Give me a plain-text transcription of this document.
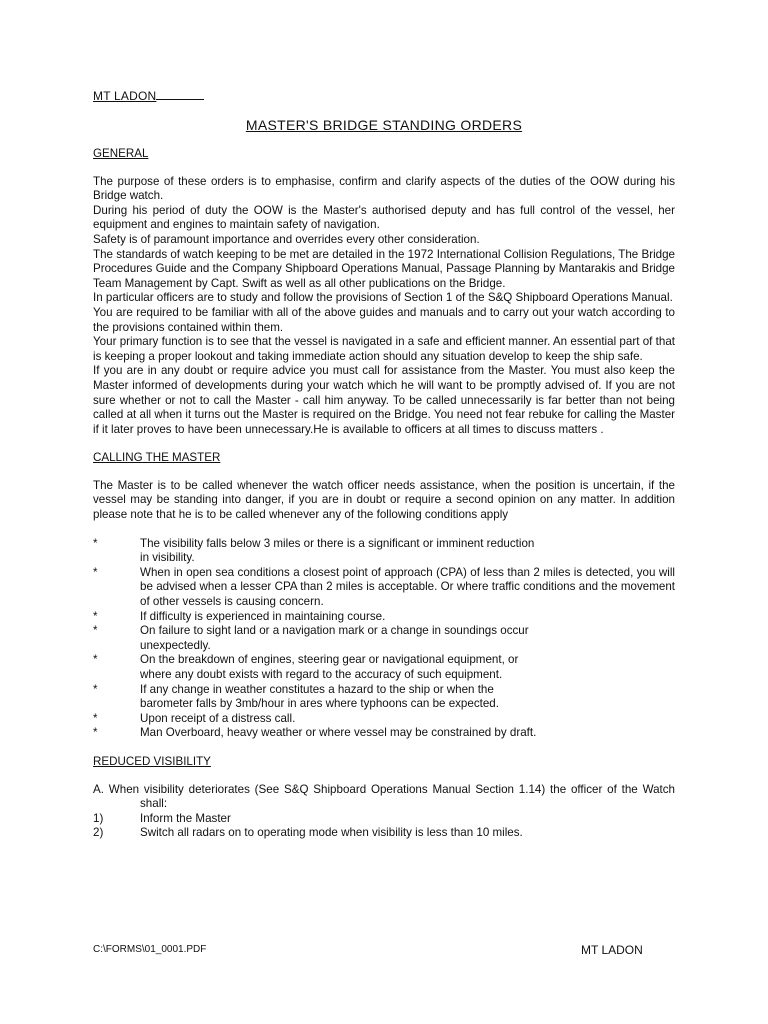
MT LADON
MASTER'S BRIDGE STANDING ORDERS
GENERAL

The purpose of these orders is to emphasise, confirm and clarify aspects of the duties of the OOW during his Bridge watch.

During his period of duty the OOW is the Master's authorised deputy and has full control of the vessel, her equipment and engines to maintain safety of navigation.

Safety is of paramount importance and overrides every other consideration.

The standards of watch keeping to be met are detailed in the 1972 International Collision Regulations, The Bridge Procedures Guide and the Company Shipboard Operations Manual, Passage Planning by Mantarakis and Bridge Team Management by Capt. Swift as well as all other publications on the Bridge.

In particular officers are to study and follow the provisions of Section 1 of the S&Q Shipboard Operations Manual.

You are required to be familiar with all of the above guides and manuals and to carry out your watch according to the provisions contained within them.

Your primary function is to see that the vessel is navigated in a safe and efficient manner. An essential part of that is keeping a proper lookout and taking immediate action should any situation develop to keep the ship safe.

If you are in any doubt or require advice you must call for assistance from the Master. You must also keep the Master informed of developments during your watch which he will want to be promptly advised of. If you are not sure whether or not to call the Master - call him anyway. To be called unnecessarily is far better than not being called at all when it turns out the Master is required on the Bridge. You need not fear rebuke for calling the Master if it later proves to have been unnecessary.He is available to officers at all times to discuss matters .

CALLING THE MASTER

The Master is to be called whenever the watch officer needs assistance, when the position is uncertain, if the vessel may be standing into danger, if you are in doubt or require a second opinion on any matter. In addition please note that he is to be called whenever any of the following conditions apply

*	The visibility falls below 3 miles or there is a significant or imminent reduction
in visibility.
*	When in open sea conditions a closest point of approach (CPA) of less than 2 miles is detected, you will be advised when a lesser CPA than 2 miles is acceptable. Or where traffic conditions and the movement of other vessels is causing concern.
*	If difficulty is experienced in maintaining course.
*	On failure to sight land or a navigation mark or a change in soundings occur
unexpectedly.
*	On the breakdown of engines, steering gear or navigational equipment, or
where any doubt exists with regard to the accuracy of such equipment.
*	If any change in weather constitutes a hazard to the ship or when the
barometer falls by 3mb/hour in ares where typhoons can be expected.
*	Upon receipt of a distress call.
*	Man Overboard, heavy weather or where vessel may be constrained by draft.
REDUCED VISIBILITY

A. When visibility deteriorates (See S&Q Shipboard Operations Manual Section 1.14) the officer of the Watch shall:

1)	Inform the Master
2)	Switch all radars on to operating mode when visibility is less than 10 miles.
C:\FORMS\01_0001.PDF	MT LADON
